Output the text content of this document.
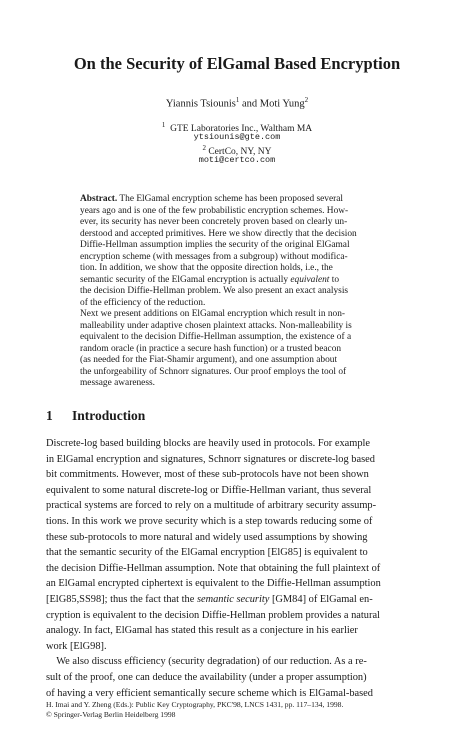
On the Security of ElGamal Based Encryption
Yiannis Tsiounis$^1$ and Moti Yung$^2$
$^1$ GTE Laboratories Inc., Waltham MA
ytsiounis@gte.com
$^2$ CertCo, NY, NY
moti@certco.com
Abstract. The ElGamal encryption scheme has been proposed several
years ago and is one of the few probabilistic encryption schemes. How-
ever, its security has never been concretely proven based on clearly un-
derstood and accepted primitives. Here we show directly that the decision
Diffie-Hellman assumption implies the security of the original ElGamal
encryption scheme (with messages from a subgroup) without modifica-
tion. In addition, we show that the opposite direction holds, i.e., the
semantic security of the ElGamal encryption is actually equivalent to
the decision Diffie-Hellman problem. We also present an exact analysis
of the efficiency of the reduction.
Next we present additions on ElGamal encryption which result in non-
malleability under adaptive chosen plaintext attacks. Non-malleability is
equivalent to the decision Diffie-Hellman assumption, the existence of a
random oracle (in practice a secure hash function) or a trusted beacon
(as needed for the Fiat-Shamir argument), and one assumption about
the unforgeability of Schnorr signatures. Our proof employs the tool of
message awareness.
1 Introduction
Discrete-log based building blocks are heavily used in protocols. For example
in ElGamal encryption and signatures, Schnorr signatures or discrete-log based
bit commitments. However, most of these sub-protocols have not been shown
equivalent to some natural discrete-log or Diffie-Hellman variant, thus several
practical systems are forced to rely on a multitude of arbitrary security assump-
tions. In this work we prove security which is a step towards reducing some of
these sub-protocols to more natural and widely used assumptions by showing
that the semantic security of the ElGamal encryption [ElG85] is equivalent to
the decision Diffie-Hellman assumption. Note that obtaining the full plaintext of
an ElGamal encrypted ciphertext is equivalent to the Diffie-Hellman assumption
[ElG85,SS98]; thus the fact that the semantic security [GM84] of ElGamal en-
cryption is equivalent to the decision Diffie-Hellman problem provides a natural
analogy. In fact, ElGamal has stated this result as a conjecture in his earlier
work [ElG98].
We also discuss efficiency (security degradation) of our reduction. As a re-
sult of the proof, one can deduce the availability (under a proper assumption)
of having a very efficient semantically secure scheme which is ElGamal-based
H. Imai and Y. Zheng (Eds.): Public Key Cryptography, PKC'98, LNCS 1431, pp. 117–134, 1998.
© Springer-Verlag Berlin Heidelberg 1998
